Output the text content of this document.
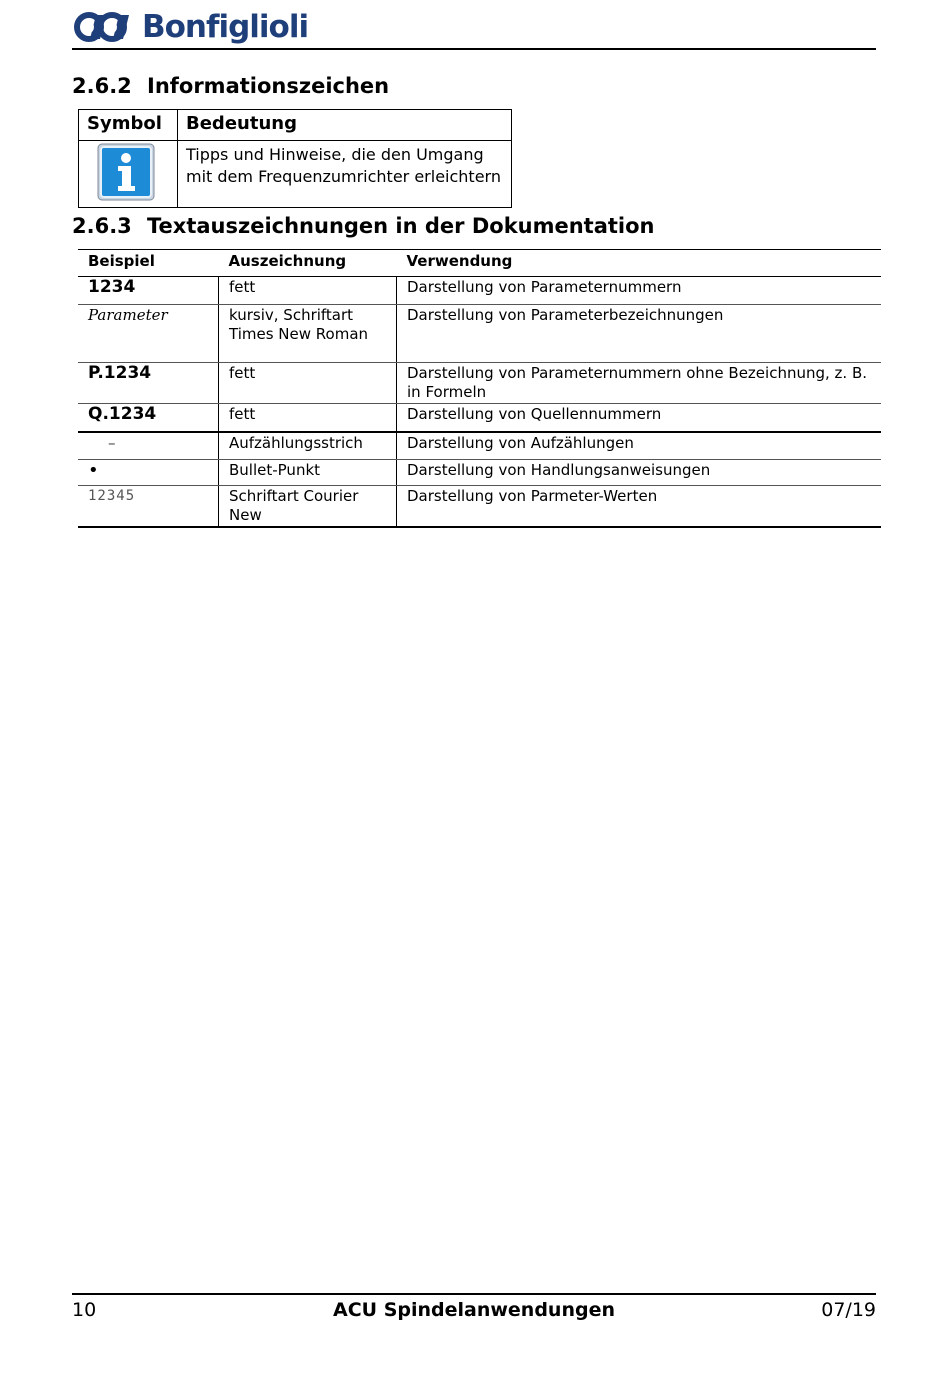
Bonfiglioli
2.6.2 Informationszeichen
Symbol	Bedeutung
	Tipps und Hinweise, die den Umgang mit dem Frequenzumrichter erleichtern
2.6.3 Textauszeichnungen in der Dokumentation
Beispiel	Auszeichnung	Verwendung
1234	fett	Darstellung von Parameternummern
Parameter	kursiv, Schriftart Times New Roman	Darstellung von Parameterbezeichnungen
P.1234	fett	Darstellung von Parameternummern ohne Bezeichnung, z. B. in Formeln
Q.1234	fett	Darstellung von Quellennummern
–	Aufzählungsstrich	Darstellung von Aufzählungen
•	Bullet-Punkt	Darstellung von Handlungsanweisungen
12345	Schriftart Courier New	Darstellung von Parmeter-Werten
10	ACU Spindelanwendungen	07/19
